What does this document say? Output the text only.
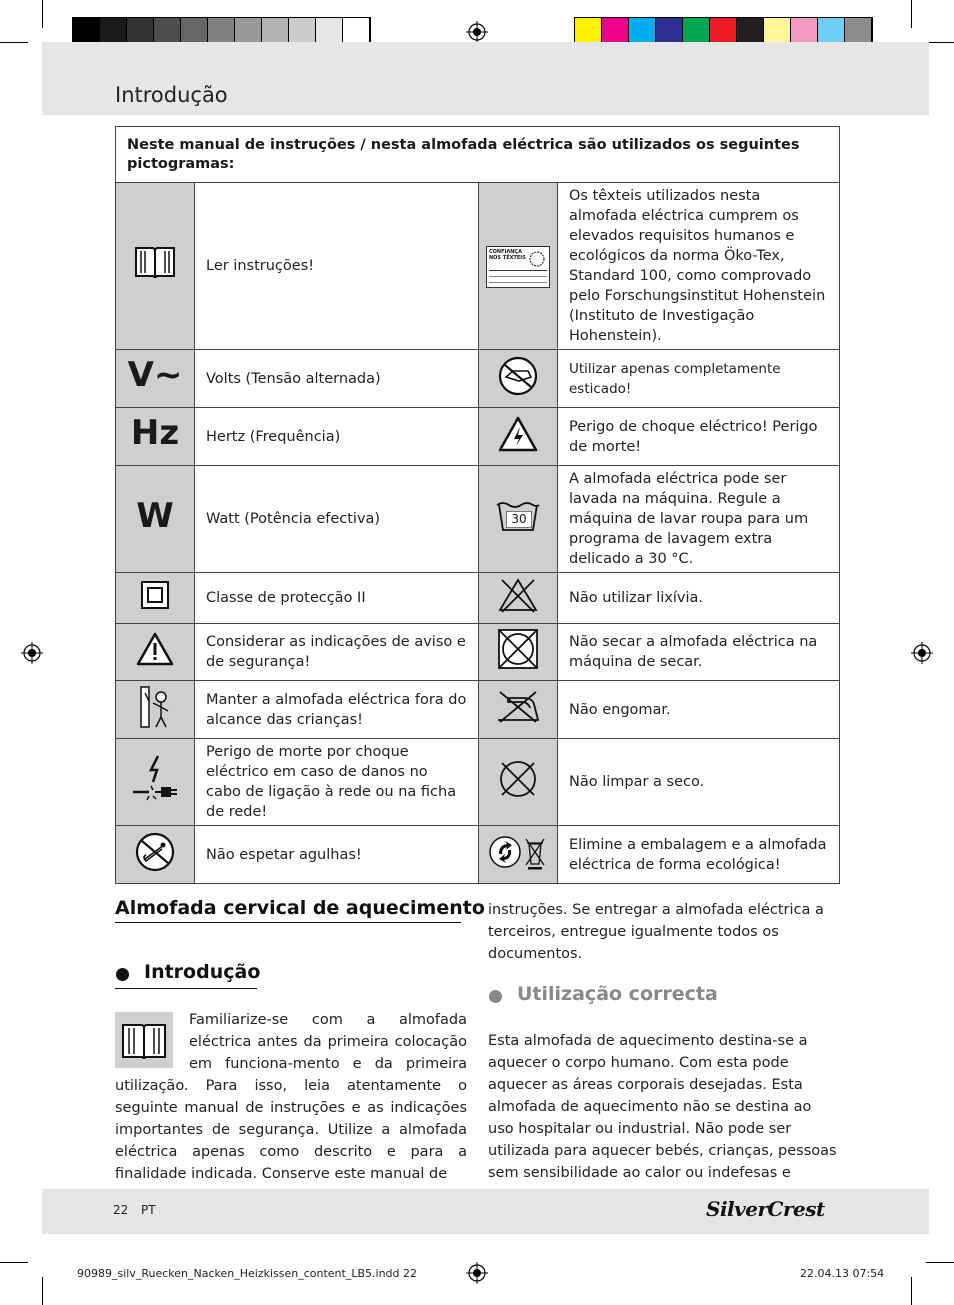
Introdução
Neste manual de instruções / nesta almofada eléctrica são utilizados os seguintes pictogramas:			
	Ler instruções!	CONFIANÇA NOS TÊXTEIS	Os têxteis utilizados nesta almofada eléctrica cumprem os elevados requisitos humanos e ecológicos da norma Öko-Tex, Standard 100, como comprovado pelo Forschungsinstitut Hohenstein (Instituto de Investigação Hohenstein).
V~	Volts (Tensão alternada)		Utilizar apenas completamente esticado!
Hz	Hertz (Frequência)		Perigo de choque eléctrico! Perigo de morte!
W	Watt (Potência efectiva)	30	A almofada eléctrica pode ser lavada na máquina. Regule a máquina de lavar roupa para um programa de lavagem extra delicado a 30 °C.
	Classe de protecção II		Não utilizar lixívia.
	Considerar as indicações de aviso e de segurança!		Não secar a almofada eléctrica na máquina de secar.
	Manter a almofada eléctrica fora do alcance das crianças!		Não engomar.
	Perigo de morte por choque eléctrico em caso de danos no cabo de ligação à rede ou na ficha de rede!		Não limpar a seco.
	Não espetar agulhas!		Elimine a embalagem e a almofada eléctrica de forma ecológica!
Almofada cervical de aquecimento
Introdução
Familiarize-se com a almofada eléctrica antes da primeira colocação em funciona-mento e da primeira utilização. Para isso, leia atentamente o seguinte manual de instruções e as indicações importantes de segurança. Utilize a almofada eléctrica apenas como descrito e para a finalidade indicada. Conserve este manual de
instruções. Se entregar a almofada eléctrica a terceiros, entregue igualmente todos os documentos.
Utilização correcta
Esta almofada de aquecimento destina-se a aquecer o corpo humano. Com esta pode aquecer as áreas corporais desejadas. Esta almofada de aquecimento não se destina ao uso hospitalar ou industrial. Não pode ser utilizada para aquecer bebés, crianças, pessoas sem sensibilidade ao calor ou indefesas e
22 PT	SilverCrest
90989_silv_Ruecken_Nacken_Heizkissen_content_LB5.indd 22	22.04.13 07:54
